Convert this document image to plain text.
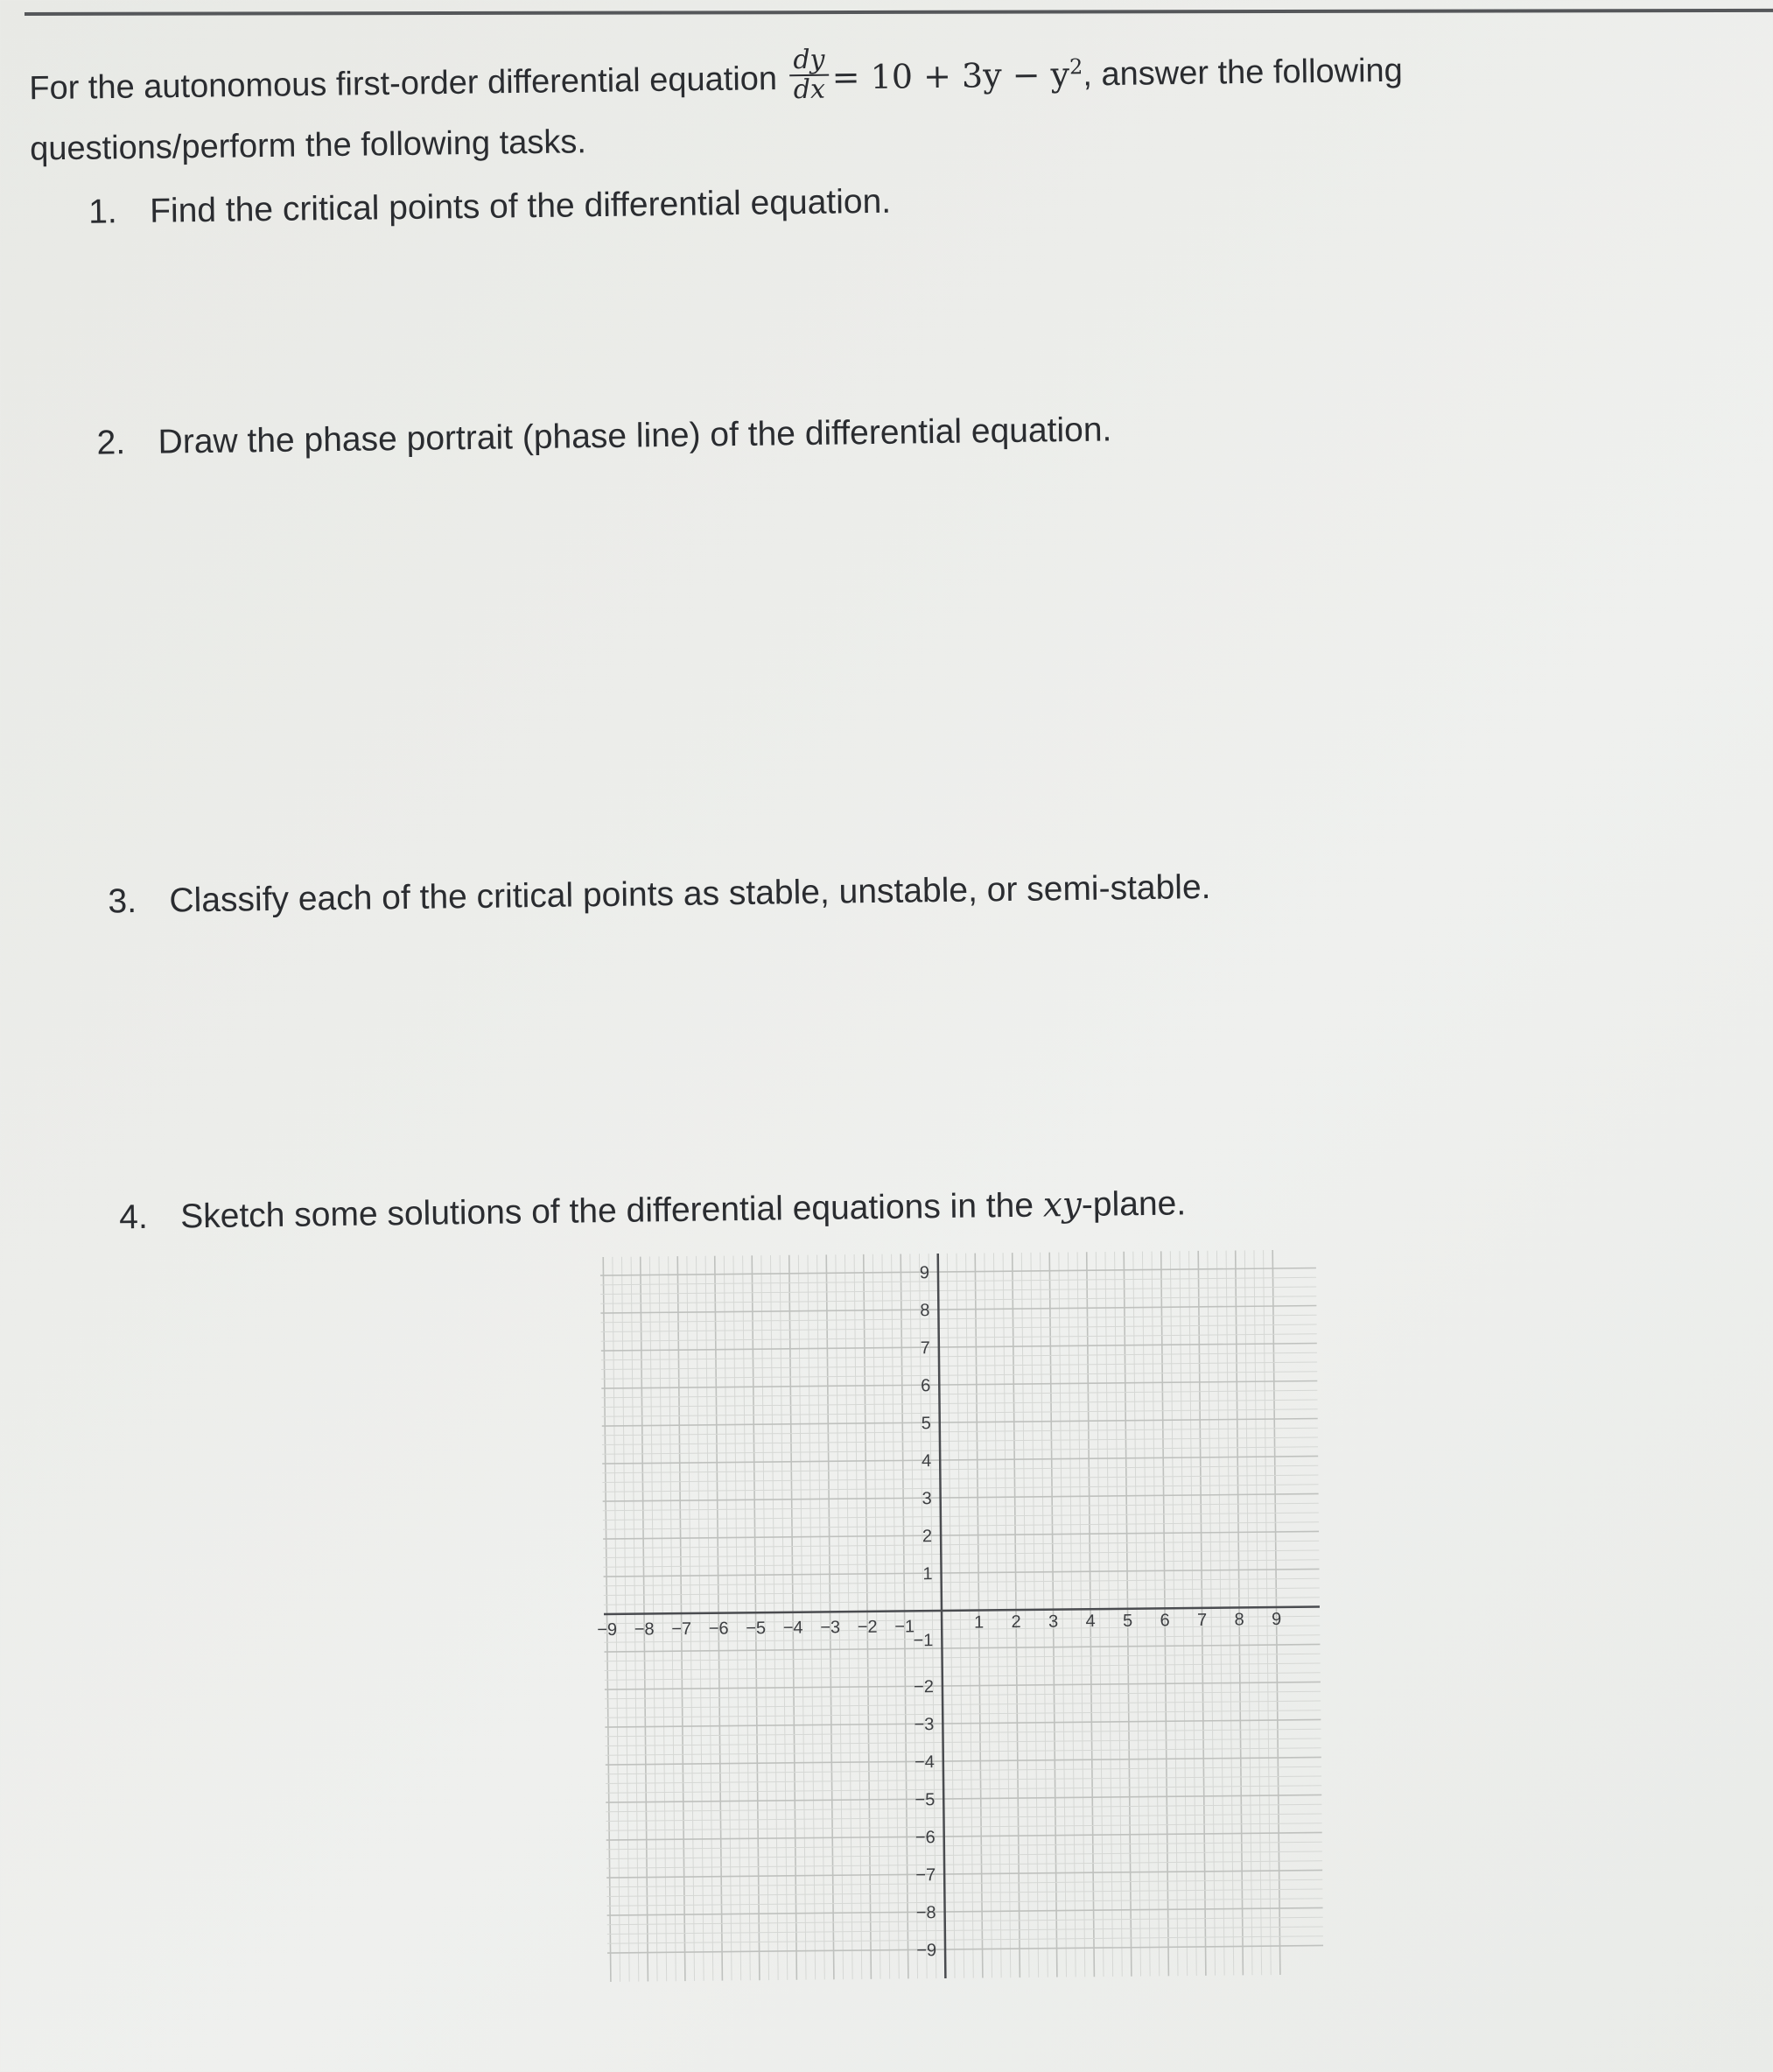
For the autonomous first-order differential equation $\frac{dy}{dx} = 10 + 3y - y^2$, answer the following
questions/perform the following tasks.
1. Find the critical points of the differential equation.
2. Draw the phase portrait (phase line) of the differential equation.
3. Classify each of the critical points as stable, unstable, or semi-stable.
4. Sketch some solutions of the differential equations in the xy-plane.
−9 −8 −7 −6 −5 −4 −3 −2 −1	1 2 3 4 5 6 7 8 9
9
8
7
6
5
4
3
2
1
−1
−2
−3
−4
−5
−6
−7
−8
−9
